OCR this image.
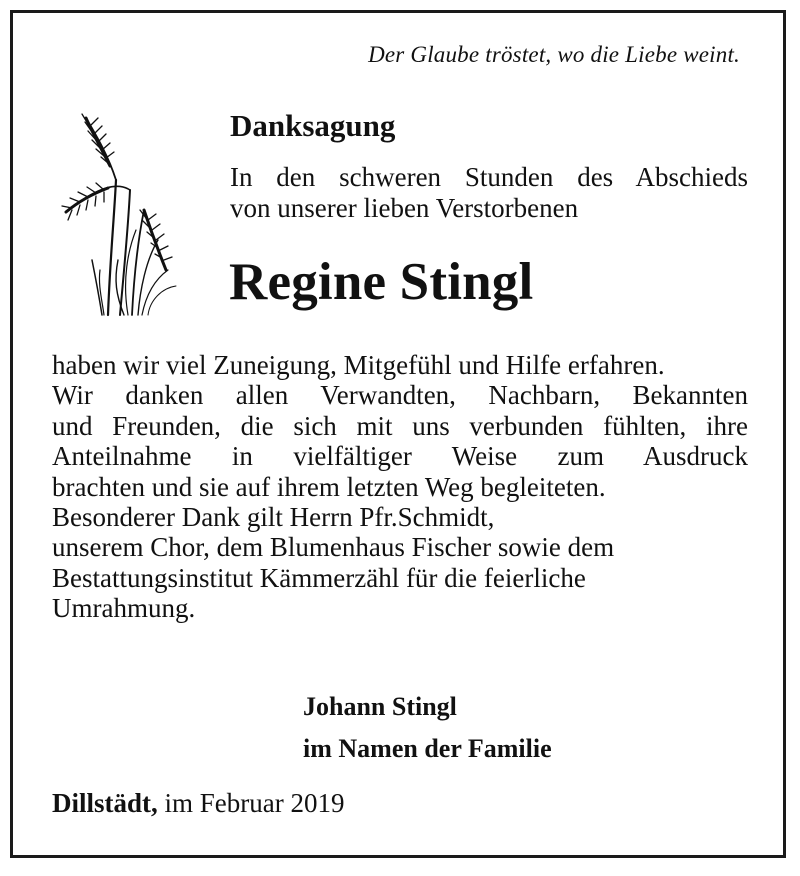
Der Glaube tröstet, wo die Liebe weint.
Danksagung
In den schweren Stunden des Abschieds
von unserer lieben Verstorbenen
Regine Stingl
haben wir viel Zuneigung, Mitgefühl und Hilfe erfahren.
Wir danken allen Verwandten, Nachbarn, Bekannten
und Freunden, die sich mit uns verbunden fühlten, ihre
Anteilnahme in vielfältiger Weise zum Ausdruck
brachten und sie auf ihrem letzten Weg begleiteten.
Besonderer Dank gilt Herrn Pfr.Schmidt,
unserem Chor, dem Blumenhaus Fischer sowie dem
Bestattungsinstitut Kämmerzähl für die feierliche
Umrahmung.
Johann Stingl
im Namen der Familie
Dillstädt, im Februar 2019
